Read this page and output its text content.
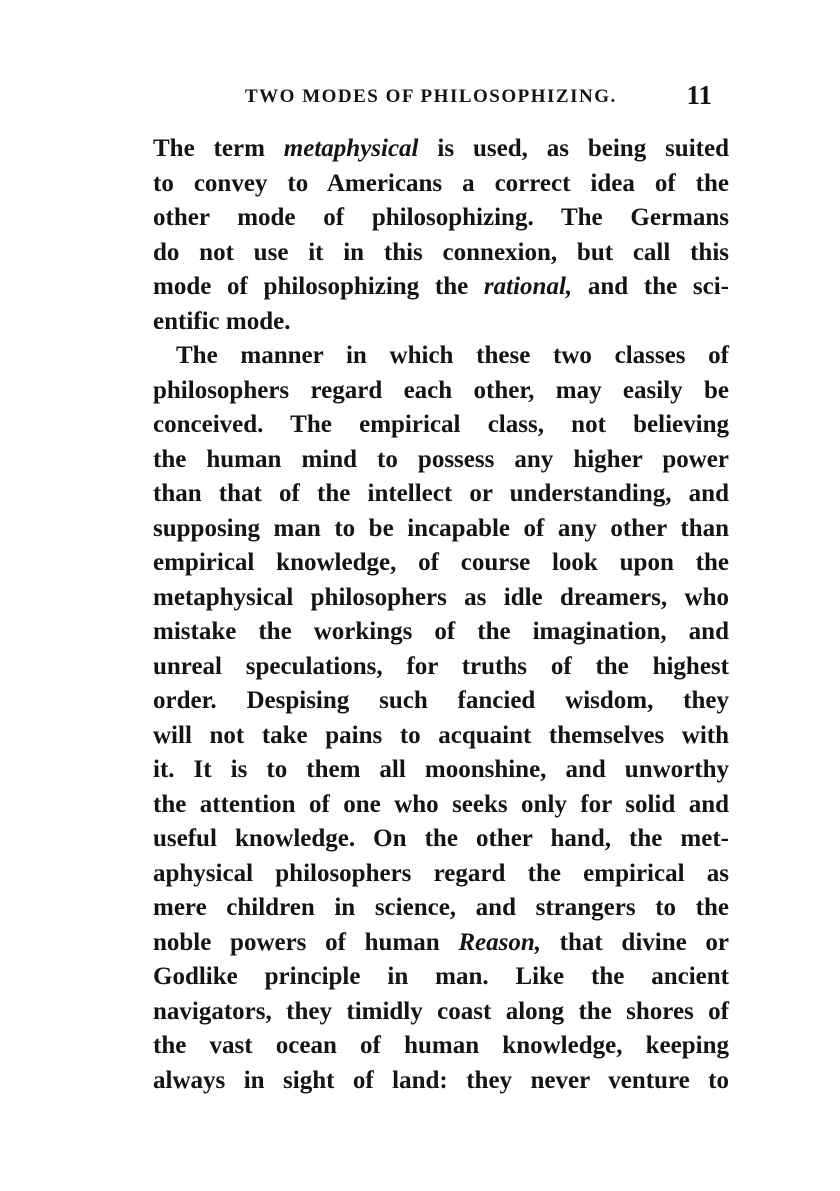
TWO MODES OF PHILOSOPHIZING.	11
The term metaphysical is used, as being suited
to convey to Americans a correct idea of the
other mode of philosophizing. The Germans
do not use it in this connexion, but call this
mode of philosophizing the rational, and the sci-
entific mode.
The manner in which these two classes of
philosophers regard each other, may easily be
conceived. The empirical class, not believing
the human mind to possess any higher power
than that of the intellect or understanding, and
supposing man to be incapable of any other than
empirical knowledge, of course look upon the
metaphysical philosophers as idle dreamers, who
mistake the workings of the imagination, and
unreal speculations, for truths of the highest
order. Despising such fancied wisdom, they
will not take pains to acquaint themselves with
it. It is to them all moonshine, and unworthy
the attention of one who seeks only for solid and
useful knowledge. On the other hand, the met-
aphysical philosophers regard the empirical as
mere children in science, and strangers to the
noble powers of human Reason, that divine or
Godlike principle in man. Like the ancient
navigators, they timidly coast along the shores of
the vast ocean of human knowledge, keeping
always in sight of land: they never venture to
